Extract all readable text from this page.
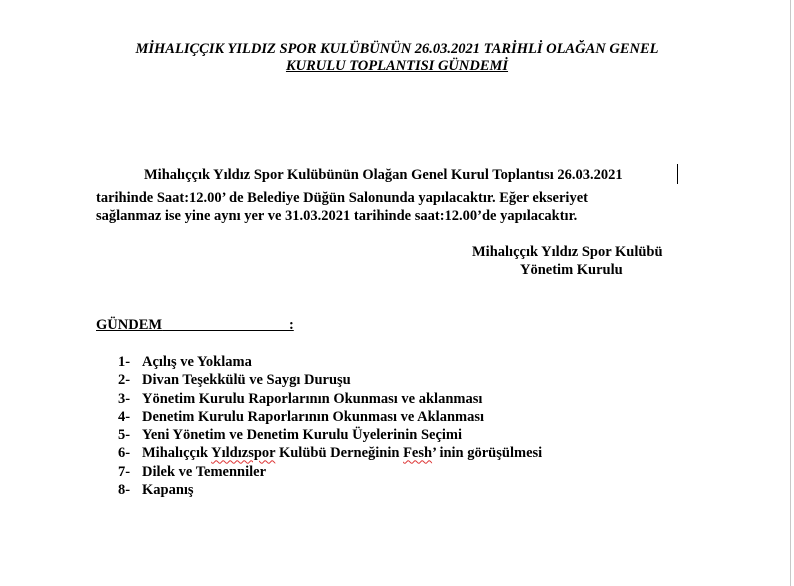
MİHALIÇÇIK YILDIZ SPOR KULÜBÜNÜN 26.03.2021 TARİHLİ OLAĞAN GENEL
KURULU TOPLANTISI GÜNDEMİ
Mihalıççık Yıldız Spor Kulübünün Olağan Genel Kurul Toplantısı 26.03.2021
tarihinde Saat:12.00’ de Belediye Düğün Salonunda yapılacaktır. Eğer ekseriyet
sağlanmaz ise yine aynı yer ve 31.03.2021 tarihinde saat:12.00’de yapılacaktır.
Mihalıççık Yıldız Spor Kulübü
Yönetim Kurulu
GÜNDEM                                   :
1- Açılış ve Yoklama
2- Divan Teşekkülü ve Saygı Duruşu
3- Yönetim Kurulu Raporlarının Okunması ve aklanması
4- Denetim Kurulu Raporlarının Okunması ve Aklanması
5- Yeni Yönetim ve Denetim Kurulu Üyelerinin Seçimi
6- Mihalıççık Yıldızspor Kulübü Derneğinin Fesh’ inin görüşülmesi
7- Dilek ve Temenniler
8- Kapanış
